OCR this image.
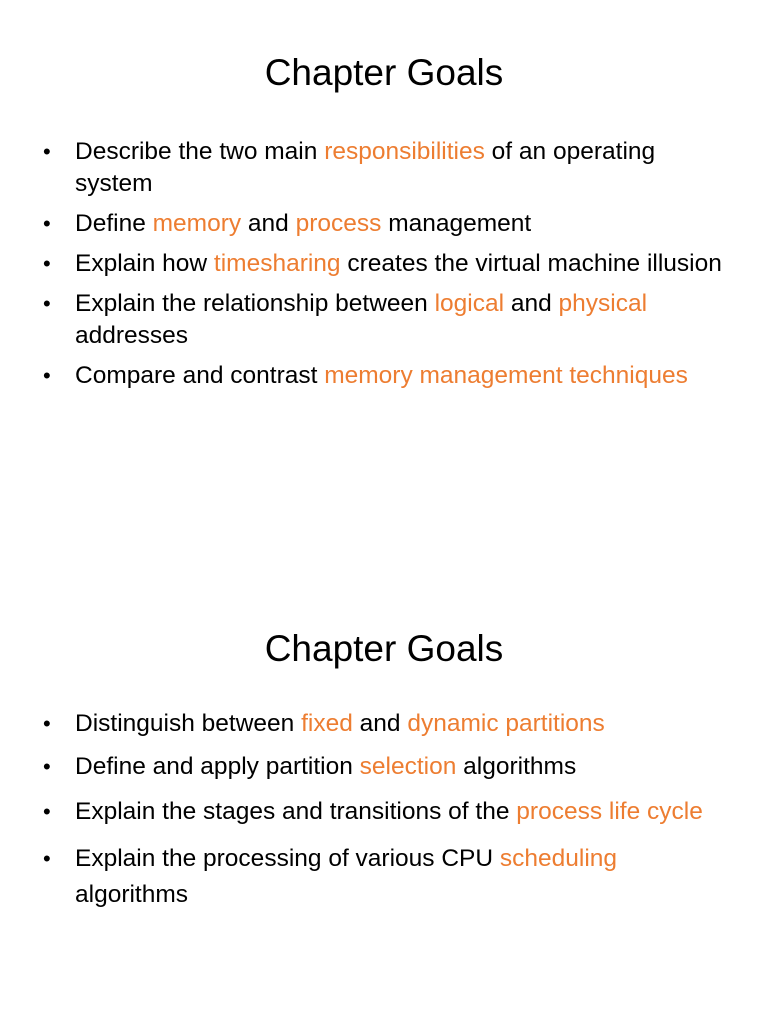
Chapter Goals
• Describe the two main responsibilities of an operating system
• Define memory and process management
• Explain how timesharing creates the virtual machine illusion
• Explain the relationship between logical and physical addresses
• Compare and contrast memory management techniques
Chapter Goals
• Distinguish between fixed and dynamic partitions
• Define and apply partition selection algorithms
• Explain the stages and transitions of the process life cycle
• Explain the processing of various CPU scheduling algorithms
